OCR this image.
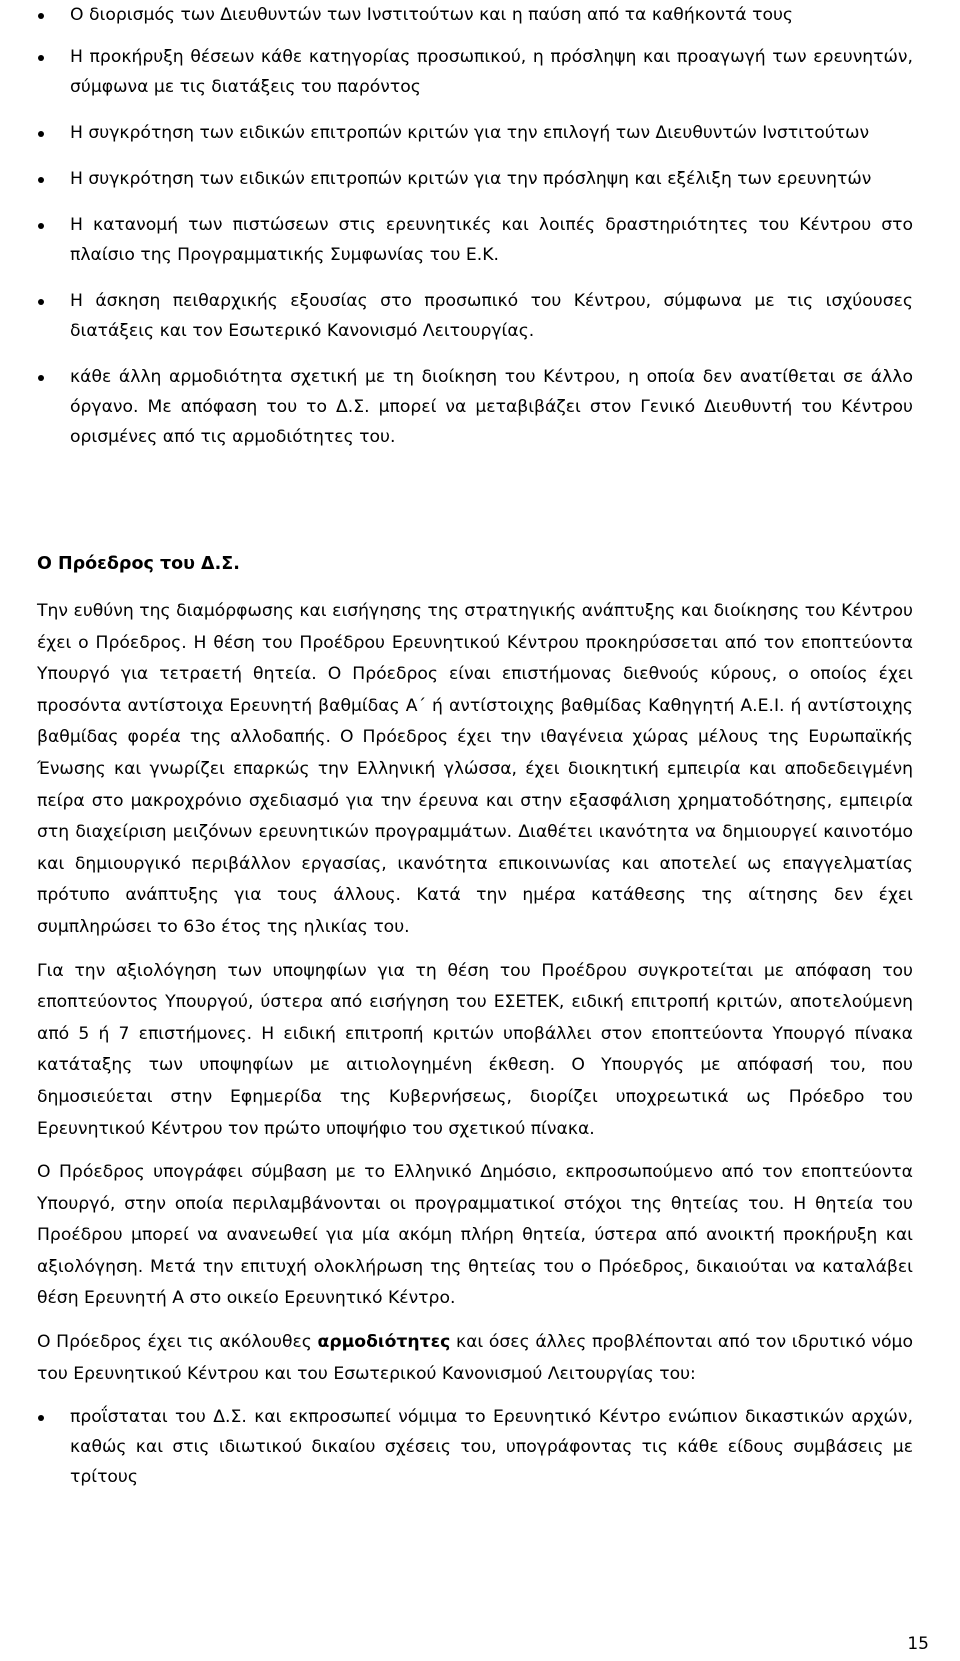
Ο διορισμός των Διευθυντών των Ινστιτούτων και η παύση από τα καθήκοντά τους
Η προκήρυξη θέσεων κάθε κατηγορίας προσωπικού, η πρόσληψη και προαγωγή των ερευνητών, σύμφωνα με τις διατάξεις του παρόντος
Η συγκρότηση των ειδικών επιτροπών κριτών για την επιλογή των Διευθυντών Ινστιτούτων
Η συγκρότηση των ειδικών επιτροπών κριτών για την πρόσληψη και εξέλιξη των ερευνητών
Η κατανομή των πιστώσεων στις ερευνητικές και λοιπές δραστηριότητες του Κέντρου στο πλαίσιο της Προγραμματικής Συμφωνίας του Ε.Κ.
Η άσκηση πειθαρχικής εξουσίας στο προσωπικό του Κέντρου, σύμφωνα με τις ισχύουσες διατάξεις και τον Εσωτερικό Κανονισμό Λειτουργίας.
κάθε άλλη αρμοδιότητα σχετική με τη διοίκηση του Κέντρου, η οποία δεν ανατίθεται σε άλλο όργανο. Με απόφαση του το Δ.Σ. μπορεί να μεταβιβάζει στον Γενικό Διευθυντή του Κέντρου ορισμένες από τις αρμοδιότητες του.
Ο Πρόεδρος του Δ.Σ.

Την ευθύνη της διαμόρφωσης και εισήγησης της στρατηγικής ανάπτυξης και διοίκησης του Κέντρου έχει ο Πρόεδρος. Η θέση του Προέδρου Ερευνητικού Κέντρου προκηρύσσεται από τον εποπτεύοντα Υπουργό για τετραετή θητεία. Ο Πρόεδρος είναι επιστήμονας διεθνούς κύρους, ο οποίος έχει προσόντα αντίστοιχα Ερευνητή βαθμίδας Α΄ ή αντίστοιχης βαθμίδας Καθηγητή Α.Ε.Ι. ή αντίστοιχης βαθμίδας φορέα της αλλοδαπής. Ο Πρόεδρος έχει την ιθαγένεια χώρας μέλους της Ευρωπαϊκής Ένωσης και γνωρίζει επαρκώς την Ελληνική γλώσσα, έχει διοικητική εμπειρία και αποδεδειγμένη πείρα στο μακροχρόνιο σχεδιασμό για την έρευνα και στην εξασφάλιση χρηματοδότησης, εμπειρία στη διαχείριση μειζόνων ερευνητικών προγραμμάτων. Διαθέτει ικανότητα να δημιουργεί καινοτόμο και δημιουργικό περιβάλλον εργασίας, ικανότητα επικοινωνίας και αποτελεί ως επαγγελματίας πρότυπο ανάπτυξης για τους άλλους. Κατά την ημέρα κατάθεσης της αίτησης δεν έχει συμπληρώσει τo 63ο έτος της ηλικίας του.

Για την αξιολόγηση των υποψηφίων για τη θέση του Προέδρου συγκροτείται με απόφαση του εποπτεύοντος Υπουργού, ύστερα από εισήγηση του ΕΣΕΤΕΚ, ειδική επιτροπή κριτών, αποτελούμενη από 5 ή 7 επιστήμονες. Η ειδική επιτροπή κριτών υποβάλλει στον εποπτεύοντα Υπουργό πίνακα κατάταξης των υποψηφίων με αιτιολογημένη έκθεση. Ο Υπουργός με απόφασή του, που δημοσιεύεται στην Εφημερίδα της Κυβερνήσεως, διορίζει υποχρεωτικά ως Πρόεδρο του Ερευνητικού Κέντρου τον πρώτο υποψήφιο του σχετικού πίνακα.

Ο Πρόεδρος υπογράφει σύμβαση με το Ελληνικό Δημόσιο, εκπροσωπούμενο από τον εποπτεύοντα Υπουργό, στην οποία περιλαμβάνονται οι προγραμματικοί στόχοι της θητείας του. Η θητεία του Προέδρου μπορεί να ανανεωθεί για μία ακόμη πλήρη θητεία, ύστερα από ανοικτή προκήρυξη και αξιολόγηση. Μετά την επιτυχή ολοκλήρωση της θητείας του ο Πρόεδρος, δικαιούται να καταλάβει θέση Ερευνητή Α στο οικείο Ερευνητικό Κέντρο.

Ο Πρόεδρος έχει τις ακόλουθες αρμοδιότητες και όσες άλλες προβλέπονται από τον ιδρυτικό νόμο του Ερευνητικού Κέντρου και του Εσωτερικού Κανονισμού Λειτουργίας του:

προΐσταται του Δ.Σ. και εκπροσωπεί νόμιμα το Ερευνητικό Κέντρο ενώπιον δικαστικών αρχών, καθώς και στις ιδιωτικού δικαίου σχέσεις του, υπογράφοντας τις κάθε είδους συμβάσεις με τρίτους
15
